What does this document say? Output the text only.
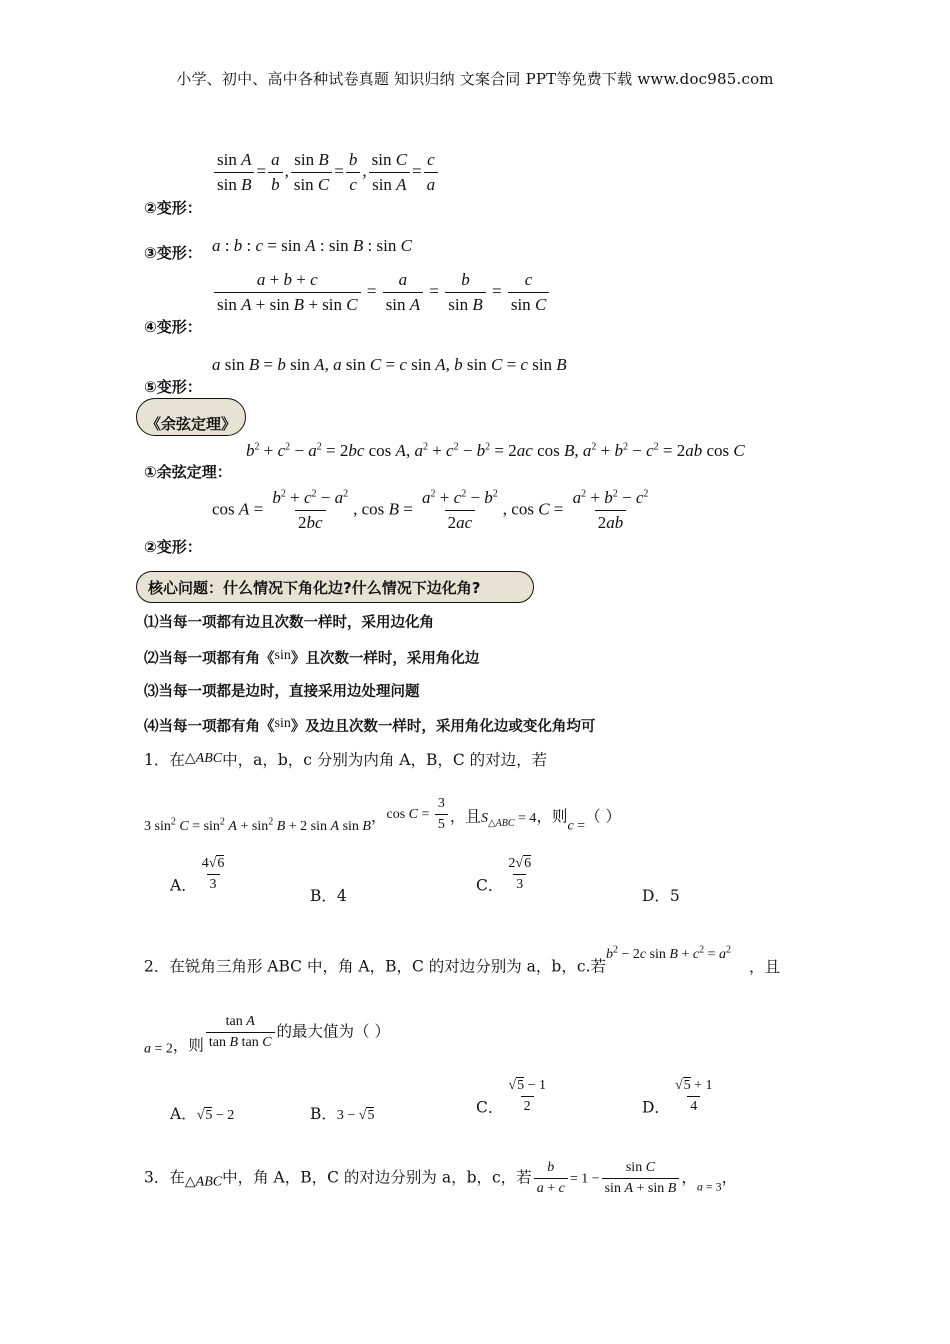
小学、初中、高中各种试卷真题 知识归纳 文案合同 PPT等免费下载 www.doc985.com
$\frac{\text{sin A}}{\text{sin B}} = \frac{a}{b}$ , $\frac{\text{sin B}}{\text{sin C}} = \frac{b}{c}$ , $\frac{\text{sin C}}{\text{sin A}} = \frac{c}{a}$
②变形：
a : b : c = sin A : sin B : sin C
③变形：
$\frac{a + b + c}{\text{sin A + sin B + sin C}} = \frac{a}{\text{sin A}} = \frac{b}{\text{sin B}} = \frac{c}{\text{sin C}}$
④变形：
a sin B = b sin A, a sin C = c sin A, b sin C = c sin B
⑤变形：
《余弦定理》
$b^2 + c^2 - a^2 = 2bc$ cos A, $a^2 + c^2 - b^2 = 2ac$ cos B, $a^2 + b^2 - c^2 = 2ab$ cos C
①余弦定理：
$\cos A = \frac{b^2 + c^2 - a^2}{2bc}$ , $\cos B = \frac{a^2 + c^2 - b^2}{2ac}$ , $\cos C = \frac{a^2 + b^2 - c^2}{2ab}$
②变形：
核心问题：什么情况下角化边?什么情况下边化角?
⑴当每一项都有边且次数一样时，采用边化角
⑵当每一项都有角《sin》且次数一样时，采用角化边
⑶当每一项都是边时，直接采用边处理问题
⑷当每一项都有角《sin》及边且次数一样时，采用角化边或变化角均可
1．在△ABC中，a，b，c 分别为内角 A，B，C 的对边，若
3 $\sin^2 C = \sin^2 A + \sin^2 B + 2$ sin A sin B，$\cos C = \frac{3}{5}$ ，且$S_{\triangle ABC} = 4$，则c =（ ）
A． $\frac{4√6}{3}$
B．4
C． $\frac{2√6}{3}$
D．5
2．在锐角三角形 ABC 中，角 A，B，C 的对边分别为 a，b，c.若$b^2 - 2c$ $\sin B + c^2 = a^2$，且
a = 2，则 $\frac{\text{tan A}}{\text{tan B tan C}}$ 的最大值为（ ）
A．√5 − 2	B．3 − √5	C． $\frac{√5 - 1}{2}$	D． $\frac{√5 + 1}{4}$
3．在△ABC中，角 A，B，C 的对边分别为 a，b，c，若 $\frac{b}{a + c} = 1 - \frac{\text{sin C}}{\text{sin A + sin B}}$ ，$_{a = 3}$，
